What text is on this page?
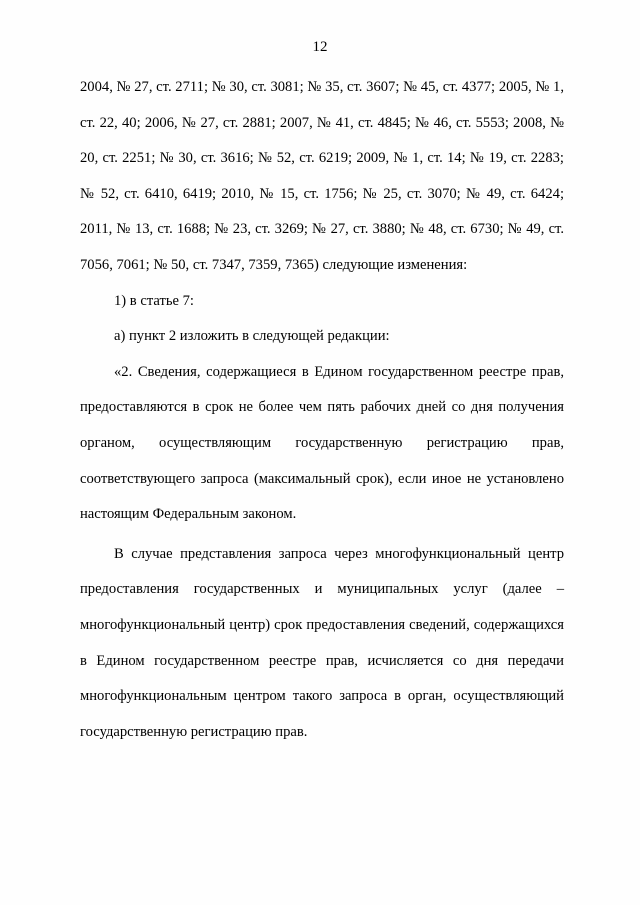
12

2004, № 27, ст. 2711; № 30, ст. 3081; № 35, ст. 3607; № 45, ст. 4377; 2005, № 1, ст. 22, 40; 2006, № 27, ст. 2881; 2007, № 41, ст. 4845; № 46, ст. 5553; 2008, № 20, ст. 2251; № 30, ст. 3616; № 52, ст. 6219; 2009, № 1, ст. 14; № 19, ст. 2283; № 52, ст. 6410, 6419; 2010, № 15, ст. 1756; № 25, ст. 3070; № 49, ст. 6424; 2011, № 13, ст. 1688; № 23, ст. 3269; № 27, ст. 3880; № 48, ст. 6730; № 49, ст. 7056, 7061; № 50, ст. 7347, 7359, 7365) следующие изменения:

1) в статье 7:

а) пункт 2 изложить в следующей редакции:

«2. Сведения, содержащиеся в Едином государственном реестре прав, предоставляются в срок не более чем пять рабочих дней со дня получения органом, осуществляющим государственную регистрацию прав, соответствующего запроса (максимальный срок), если иное не установлено настоящим Федеральным законом.

В случае представления запроса через многофункциональный центр предоставления государственных и муниципальных услуг (далее – многофункциональный центр) срок предоставления сведений, содержащихся в Едином государственном реестре прав, исчисляется со дня передачи многофункциональным центром такого запроса в орган, осуществляющий государственную регистрацию прав.
